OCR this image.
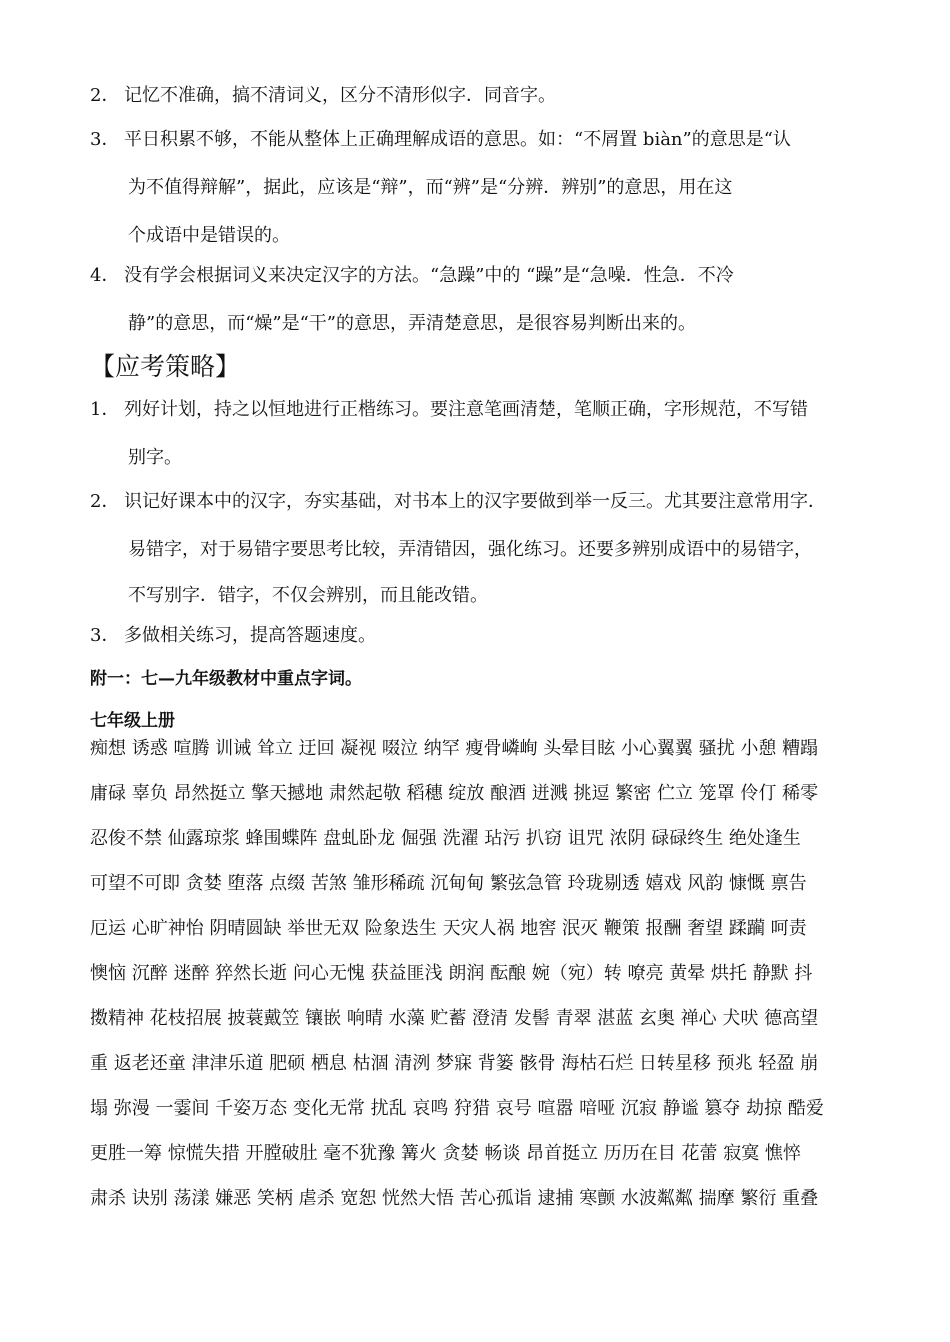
2． 记忆不准确，搞不清词义，区分不清形似字．同音字。
3． 平日积累不够，不能从整体上正确理解成语的意思。如：“不屑置 biàn”的意思是“认
为不值得辩解”，据此，应该是“辩”，而“辨”是“分辨．辨别”的意思，用在这
个成语中是错误的。
4． 没有学会根据词义来决定汉字的方法。“急躁”中的 “躁”是“急噪．性急．不冷
静”的意思，而“燥”是“干”的意思，弄清楚意思，是很容易判断出来的。
【应考策略】
1． 列好计划，持之以恒地进行正楷练习。要注意笔画清楚，笔顺正确，字形规范，不写错
别字。
2． 识记好课本中的汉字，夯实基础，对书本上的汉字要做到举一反三。尤其要注意常用字．
易错字，对于易错字要思考比较，弄清错因，强化练习。还要多辨别成语中的易错字，
不写别字．错字，不仅会辨别，而且能改错。
3． 多做相关练习，提高答题速度。
附一：七—九年级教材中重点字词。
七年级上册
痴想 诱惑 喧腾 训诫 耸立 迂回 凝视 啜泣 纳罕 瘦骨嶙峋 头晕目眩 小心翼翼 骚扰 小憩 糟蹋
庸碌 辜负 昂然挺立 擎天撼地 肃然起敬 稻穗 绽放 酿酒 迸溅 挑逗 繁密 伫立 笼罩 伶仃 稀零
忍俊不禁 仙露琼浆 蜂围蝶阵 盘虬卧龙 倔强 洗濯 玷污 扒窃 诅咒 浓阴 碌碌终生 绝处逢生
可望不可即 贪婪 堕落 点缀 苦煞 雏形稀疏 沉甸甸 繁弦急管 玲珑剔透 嬉戏 风韵 慷慨 禀告
厄运 心旷神怡 阴晴圆缺 举世无双 险象迭生 天灾人祸 地窖 泯灭 鞭策 报酬 奢望 蹂躏 呵责
懊恼 沉醉 迷醉 猝然长逝 问心无愧 获益匪浅 朗润 酝酿 婉（宛）转 嘹亮 黄晕 烘托 静默 抖
擞精神 花枝招展 披蓑戴笠 镶嵌 响晴 水藻 贮蓄 澄清 发髻 青翠 湛蓝 玄奥 禅心 犬吠 德高望
重 返老还童 津津乐道 肥硕 栖息 枯涸 清洌 梦寐 背篓 骸骨 海枯石烂 日转星移 预兆 轻盈 崩
塌 弥漫 一霎间 千姿万态 变化无常 扰乱 哀鸣 狩猎 哀号 喧嚣 喑哑 沉寂 静谧 篡夺 劫掠 酷爱
更胜一筹 惊慌失措 开膛破肚 毫不犹豫 篝火 贪婪 畅谈 昂首挺立 历历在目 花蕾 寂寞 憔悴
肃杀 诀别 荡漾 嫌恶 笑柄 虐杀 宽恕 恍然大悟 苦心孤诣 逮捕 寒颤 水波粼粼 揣摩 繁衍 重叠
